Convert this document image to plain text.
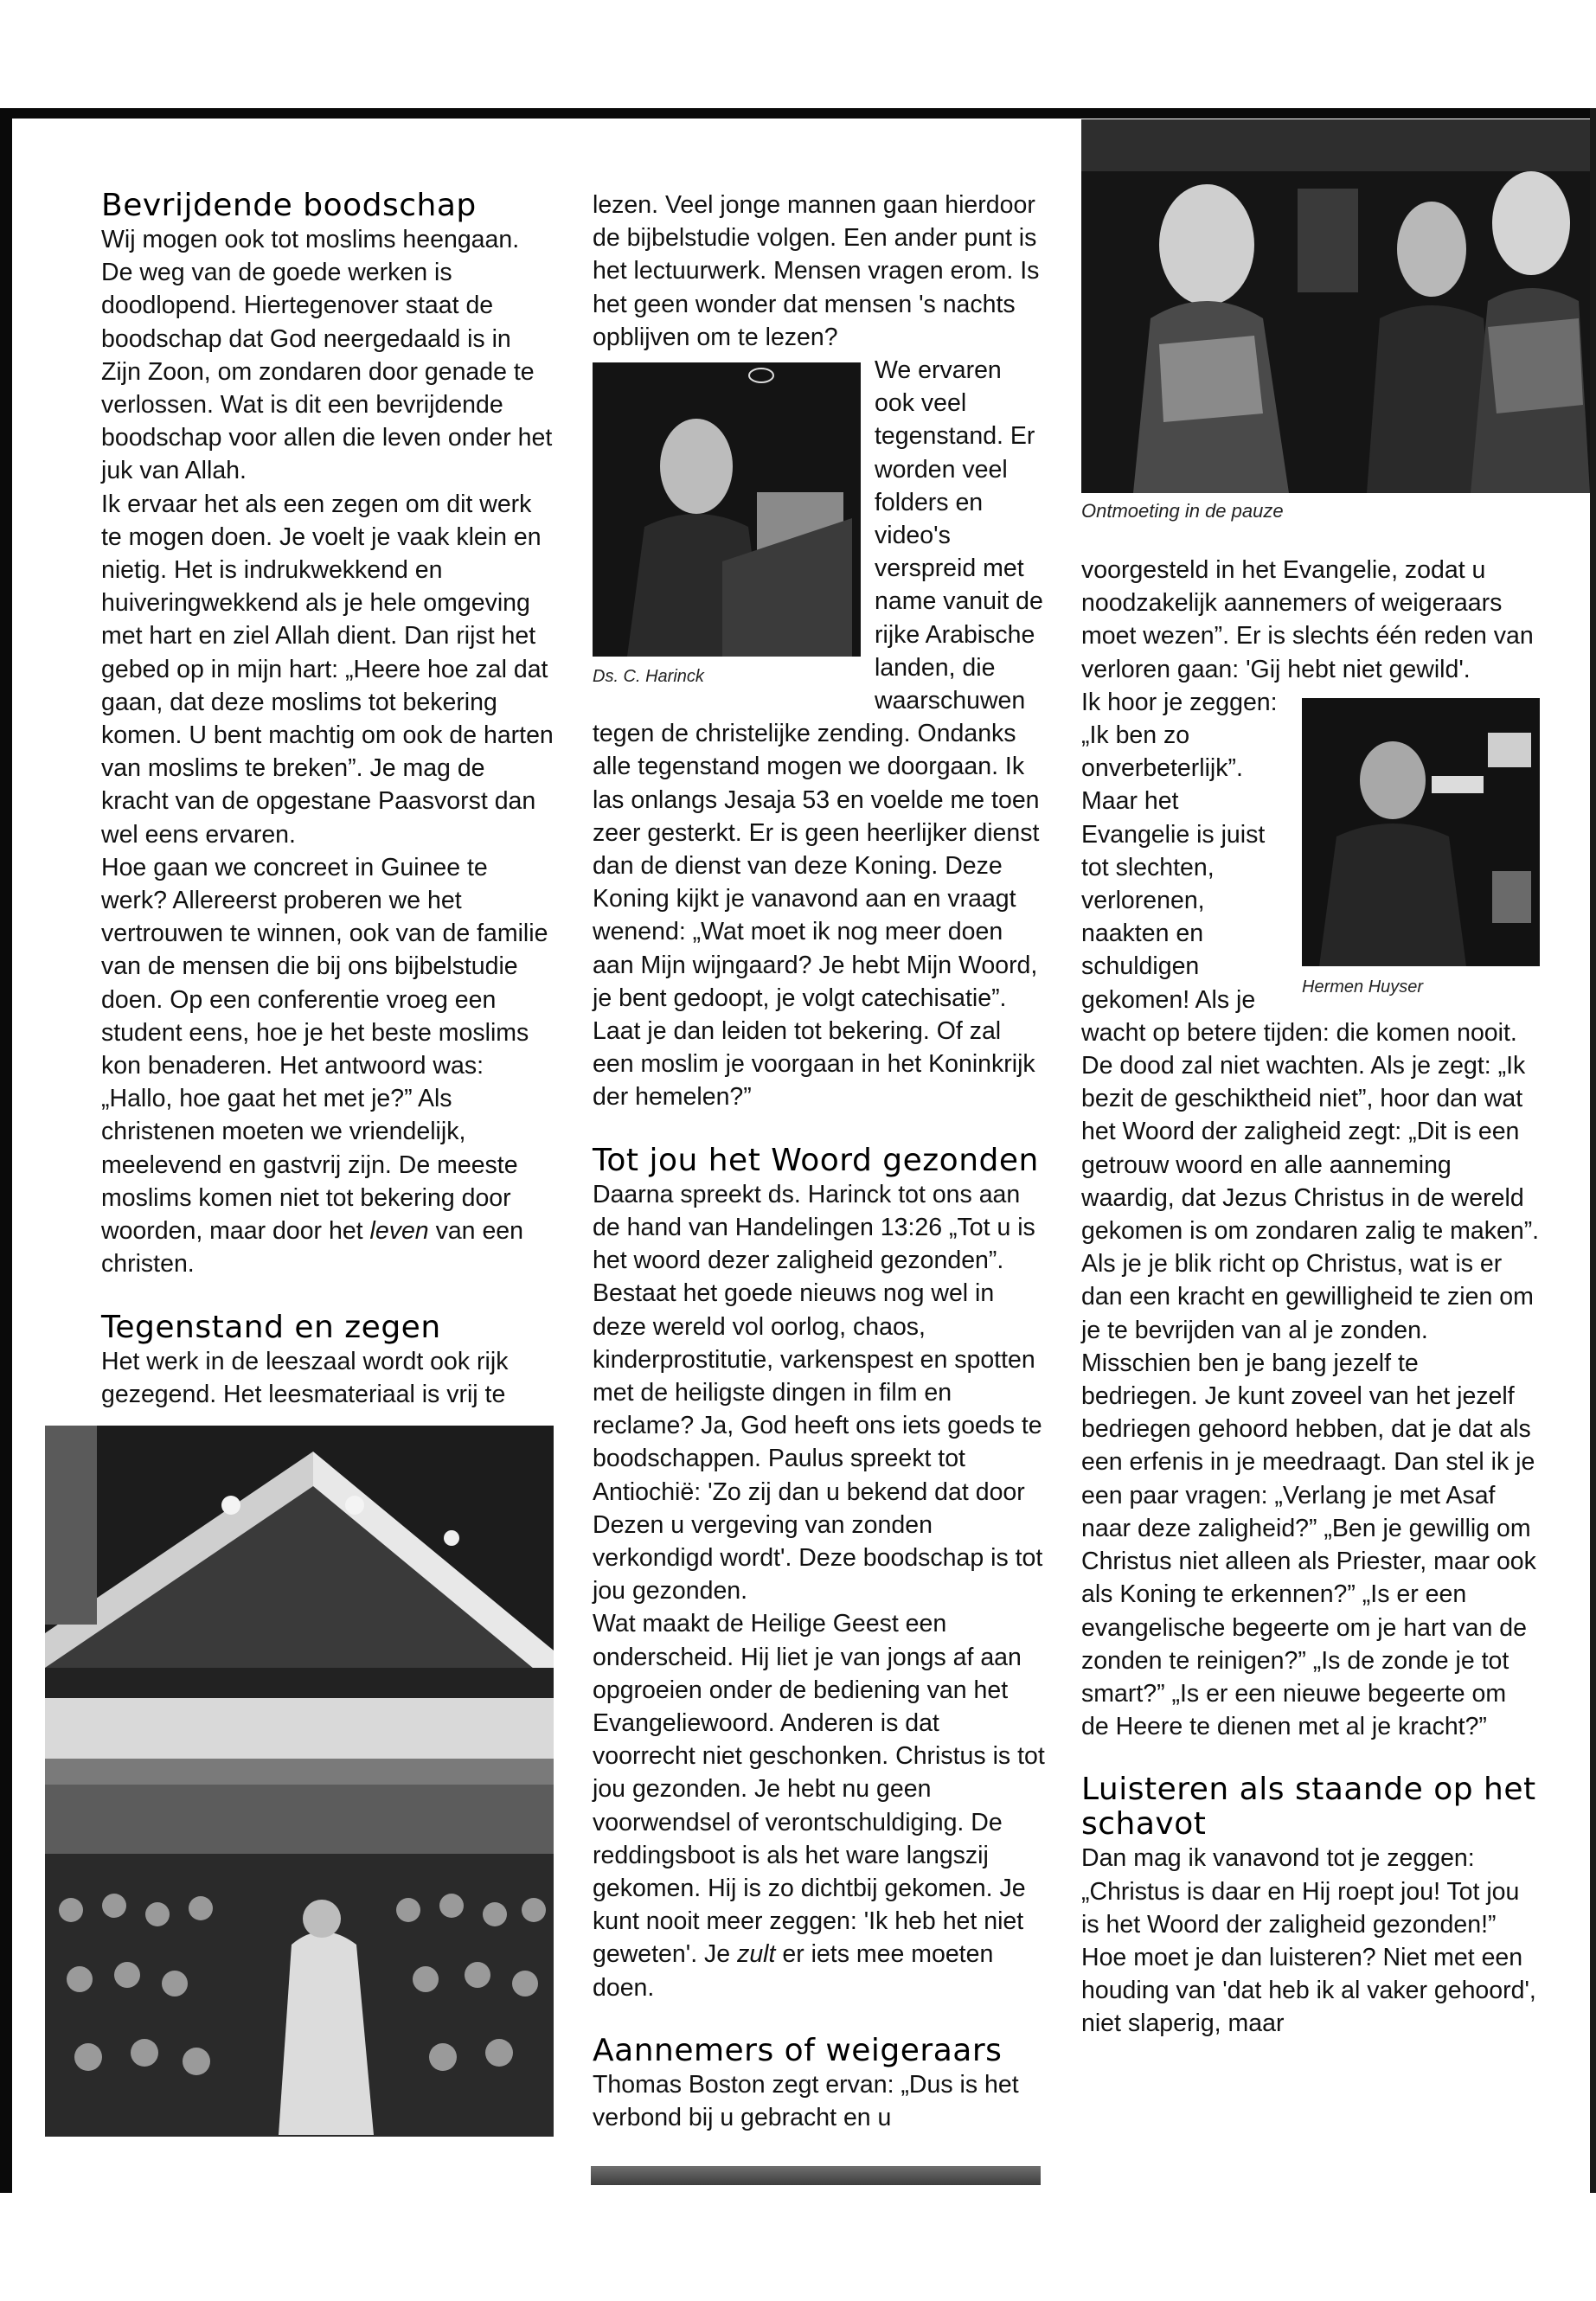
Ontmoeting in de pauze
Bevrijdende boodschap

Wij mogen ook tot moslims heengaan. De weg van de goede werken is doodlopend. Hiertegenover staat de boodschap dat God neergedaald is in Zijn Zoon, om zondaren door genade te verlossen. Wat is dit een bevrijdende boodschap voor allen die leven onder het juk van Allah.

Ik ervaar het als een zegen om dit werk te mogen doen. Je voelt je vaak klein en nietig. Het is indrukwekkend en huiveringwekkend als je hele omgeving met hart en ziel Allah dient. Dan rijst het gebed op in mijn hart: „Heere hoe zal dat gaan, dat deze moslims tot bekering komen. U bent machtig om ook de harten van moslims te breken”. Je mag de kracht van de opgestane Paasvorst dan wel eens ervaren.

Hoe gaan we concreet in Guinee te werk? Allereerst proberen we het vertrouwen te winnen, ook van de familie van de mensen die bij ons bijbelstudie doen. Op een conferentie vroeg een student eens, hoe je het beste moslims kon benaderen. Het antwoord was: „Hallo, hoe gaat het met je?” Als christenen moeten we vriendelijk, meelevend en gastvrij zijn. De meeste moslims komen niet tot bekering door woorden, maar door het leven van een christen.

Tegenstand en zegen

Het werk in de leeszaal wordt ook rijk gezegend. Het leesmateriaal is vrij te

lezen. Veel jonge mannen gaan hierdoor de bijbelstudie volgen. Een ander punt is het lectuurwerk. Mensen vragen erom. Is het geen wonder dat mensen 's nachts opblijven om te lezen?

Ds. C. Harinck

We ervaren ook veel tegenstand. Er worden veel folders en video's verspreid met name vanuit de rijke Arabische landen, die waarschuwen tegen de christelijke zending. Ondanks alle tegenstand mogen we doorgaan. Ik las onlangs Jesaja 53 en voelde me toen zeer gesterkt. Er is geen heerlijker dienst dan de dienst van deze Koning. Deze Koning kijkt je vanavond aan en vraagt wenend: „Wat moet ik nog meer doen aan Mijn wijngaard? Je hebt Mijn Woord, je bent gedoopt, je volgt catechisatie”. Laat je dan leiden tot bekering. Of zal een moslim je voorgaan in het Koninkrijk der hemelen?”

Tot jou het Woord gezonden

Daarna spreekt ds. Harinck tot ons aan de hand van Handelingen 13:26 „Tot u is het woord dezer zaligheid gezonden”. Bestaat het goede nieuws nog wel in deze wereld vol oorlog, chaos, kinderprostitutie, varkenspest en spotten met de heiligste dingen in film en reclame? Ja, God heeft ons iets goeds te boodschappen. Paulus spreekt tot Antiochië: 'Zo zij dan u bekend dat door Dezen u vergeving van zonden verkondigd wordt'. Deze boodschap is tot jou gezonden.

Wat maakt de Heilige Geest een onderscheid. Hij liet je van jongs af aan opgroeien onder de bediening van het Evangeliewoord. Anderen is dat voorrecht niet geschonken. Christus is tot jou gezonden. Je hebt nu geen voorwendsel of verontschuldiging. De reddingsboot is als het ware langszij gekomen. Hij is zo dichtbij gekomen. Je kunt nooit meer zeggen: 'Ik heb het niet geweten'. Je zult er iets mee moeten doen.

Aannemers of weigeraars

Thomas Boston zegt ervan: „Dus is het verbond bij u gebracht en u

voorgesteld in het Evangelie, zodat u noodzakelijk aannemers of weigeraars moet wezen”. Er is slechts één reden van verloren gaan: 'Gij hebt niet gewild'.

Hermen Huyser

Ik hoor je zeggen: „Ik ben zo onverbeterlijk”. Maar het Evangelie is juist tot slechten, verlorenen, naakten en schuldigen gekomen! Als je wacht op betere tijden: die komen nooit. De dood zal niet wachten. Als je zegt: „Ik bezit de geschiktheid niet”, hoor dan wat het Woord der zaligheid zegt: „Dit is een getrouw woord en alle aanneming waardig, dat Jezus Christus in de wereld gekomen is om zondaren zalig te maken”. Als je je blik richt op Christus, wat is er dan een kracht en gewilligheid te zien om je te bevrijden van al je zonden. Misschien ben je bang jezelf te bedriegen. Je kunt zoveel van het jezelf bedriegen gehoord hebben, dat je dat als een erfenis in je meedraagt. Dan stel ik je een paar vragen: „Verlang je met Asaf naar deze zaligheid?” „Ben je gewillig om Christus niet alleen als Priester, maar ook als Koning te erkennen?” „Is er een evangelische begeerte om je hart van de zonden te reinigen?” „Is de zonde je tot smart?” „Is er een nieuwe begeerte om de Heere te dienen met al je kracht?”

Luisteren als staande op het schavot

Dan mag ik vanavond tot je zeggen: „Christus is daar en Hij roept jou! Tot jou is het Woord der zaligheid gezonden!” Hoe moet je dan luisteren? Niet met een houding van 'dat heb ik al vaker gehoord', niet slaperig, maar
